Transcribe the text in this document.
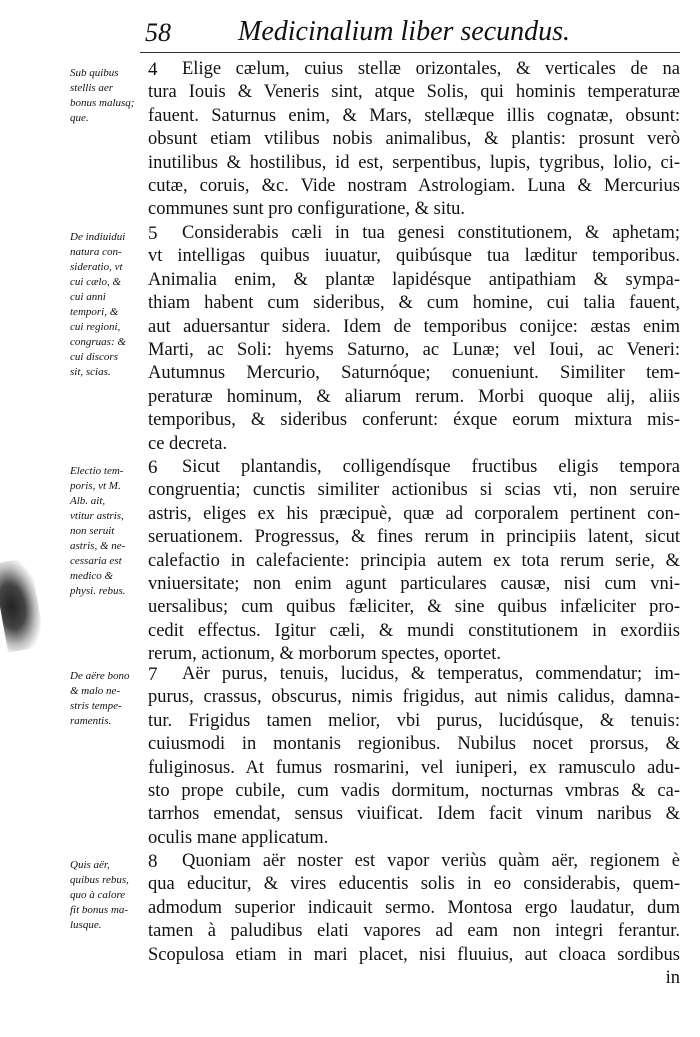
58 Medicinalium liber secundus.
Sub quibus
stellis aer
bonus malusq;
que.
4	Elige cælum, cuius stellæ orizontales, & verticales de na
tura Iouis & Veneris sint, atque Solis, qui hominis temperaturæ
fauent. Saturnus enim, & Mars, stellæque illis cognatæ, obsunt:
obsunt etiam vtilibus nobis animalibus, & plantis: prosunt verò
inutilibus & hostilibus, id est, serpentibus, lupis, tygribus, lolio, ci-
cutæ, coruis, &c. Vide nostram Astrologiam. Luna & Mercurius
communes sunt pro configuratione, & situ.
De indiuidui
natura con-
sideratio, vt
cui cælo, &
cui anni
tempori, &
cui regioni,
congruas: &
cui discors
sit, scias.
5	Considerabis cæli in tua genesi constitutionem, & aphetam;
vt intelligas quibus iuuatur, quibúsque tua læditur temporibus.
Animalia enim, & plantæ lapidésque antipathiam & sympa-
thiam habent cum sideribus, & cum homine, cui talia fauent,
aut aduersantur sidera. Idem de temporibus conijce: æstas enim
Marti, ac Soli: hyems Saturno, ac Lunæ; vel Ioui, ac Veneri:
Autumnus Mercurio, Saturnóque; conueniunt. Similiter tem-
peraturæ hominum, & aliarum rerum. Morbi quoque alij, aliis
temporibus, & sideribus conferunt: éxque eorum mixtura mis-
ce decreta.
Electio tem-
poris, vt M.
Alb. ait,
vtitur astris,
non seruit
astris, & ne-
cessaria est
medico &
physi. rebus.
6	Sicut plantandis, colligendísque fructibus eligis tempora
congruentia; cunctis similiter actionibus si scias vti, non seruire
astris, eliges ex his præcipuè, quæ ad corporalem pertinent con-
seruationem. Progressus, & fines rerum in principiis latent, sicut
calefactio in calefaciente: principia autem ex tota rerum serie, &
vniuersitate; non enim agunt particulares causæ, nisi cum vni-
uersalibus; cum quibus fæliciter, & sine quibus infæliciter pro-
cedit effectus. Igitur cæli, & mundi constitutionem in exordiis
rerum, actionum, & morborum spectes, oportet.
De aëre bono
& malo ne-
stris tempe-
ramentis.
7	Aër purus, tenuis, lucidus, & temperatus, commendatur; im-
purus, crassus, obscurus, nimis frigidus, aut nimis calidus, damna-
tur. Frigidus tamen melior, vbi purus, lucidúsque, & tenuis:
cuiusmodi in montanis regionibus. Nubilus nocet prorsus, &
fuliginosus. At fumus rosmarini, vel iuniperi, ex ramusculo adu-
sto prope cubile, cum vadis dormitum, nocturnas vmbras & ca-
tarrhos emendat, sensus viuificat. Idem facit vinum naribus &
oculis mane applicatum.
Quis aër,
quibus rebus,
quo à calore
fit bonus ma-
lusque.
8	Quoniam aër noster est vapor veriùs quàm aër, regionem è
qua educitur, & vires educentis solis in eo considerabis, quem-
admodum superior indicauit sermo. Montosa ergo laudatur, dum
tamen à paludibus elati vapores ad eam non integri ferantur.
Scopulosa etiam in mari placet, nisi fluuius, aut cloaca sordibus
in
